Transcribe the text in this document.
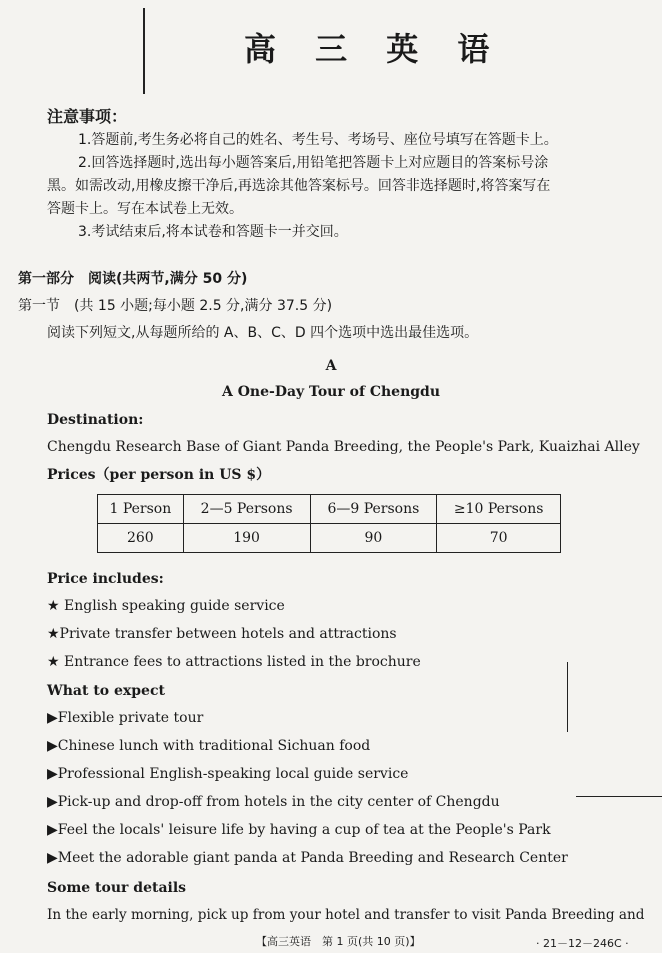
高 三 英 语
注意事项：
1.答题前,考生务必将自己的姓名、考生号、考场号、座位号填写在答题卡上。
2.回答选择题时,选出每小题答案后,用铅笔把答题卡上对应题目的答案标号涂
黑。如需改动,用橡皮擦干净后,再选涂其他答案标号。回答非选择题时,将答案写在
答题卡上。写在本试卷上无效。
3.考试结束后,将本试卷和答题卡一并交回。
第一部分　阅读(共两节,满分 50 分)
第一节　(共 15 小题;每小题 2.5 分,满分 37.5 分)
阅读下列短文,从每题所给的 A、B、C、D 四个选项中选出最佳选项。
A
A One-Day Tour of Chengdu
Destination:
Chengdu Research Base of Giant Panda Breeding, the People's Park, Kuaizhai Alley
Prices（per person in US $）
1 Person	2—5 Persons	6—9 Persons	≥10 Persons
260	190	90	70
Price includes:
★ English speaking guide service
★Private transfer between hotels and attractions
★ Entrance fees to attractions listed in the brochure
What to expect
▶Flexible private tour
▶Chinese lunch with traditional Sichuan food
▶Professional English-speaking local guide service
▶Pick-up and drop-off from hotels in the city center of Chengdu
▶Feel the locals' leisure life by having a cup of tea at the People's Park
▶Meet the adorable giant panda at Panda Breeding and Research Center
Some tour details
In the early morning, pick up from your hotel and transfer to visit Panda Breeding and
【高三英语　第 1 页(共 10 页)】	· 21－12－246C ·
